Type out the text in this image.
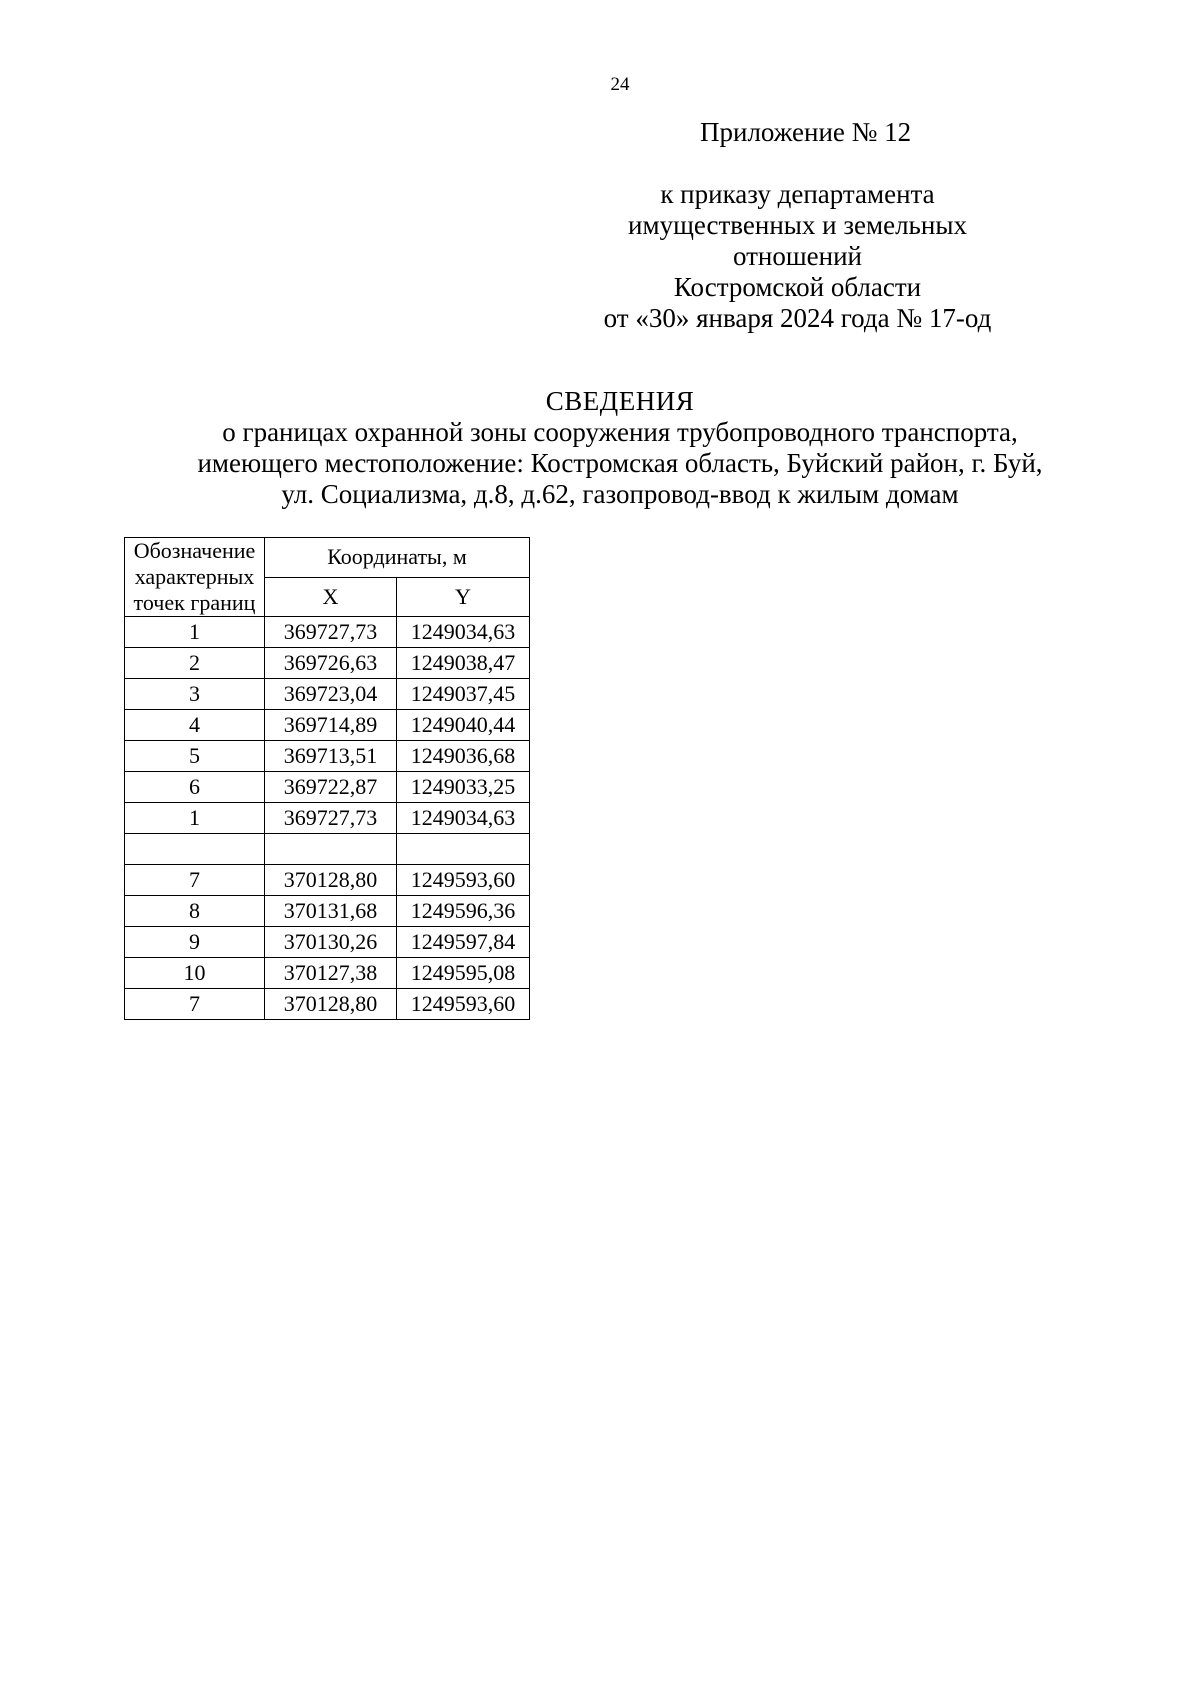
24
Приложение № 12
к приказу департамента
имущественных и земельных
отношений
Костромской области
от «30» января 2024 года № 17-од
СВЕДЕНИЯ
о границах охранной зоны сооружения трубопроводного транспорта,
имеющего местоположение: Костромская область, Буйский район, г. Буй,
ул. Социализма, д.8, д.62, газопровод-ввод к жилым домам
Обозначение
характерных
точек границ	Координаты, м	
	X	Y
1	369727,73	1249034,63
2	369726,63	1249038,47
3	369723,04	1249037,45
4	369714,89	1249040,44
5	369713,51	1249036,68
6	369722,87	1249033,25
1	369727,73	1249034,63

7	370128,80	1249593,60
8	370131,68	1249596,36
9	370130,26	1249597,84
10	370127,38	1249595,08
7	370128,80	1249593,60
